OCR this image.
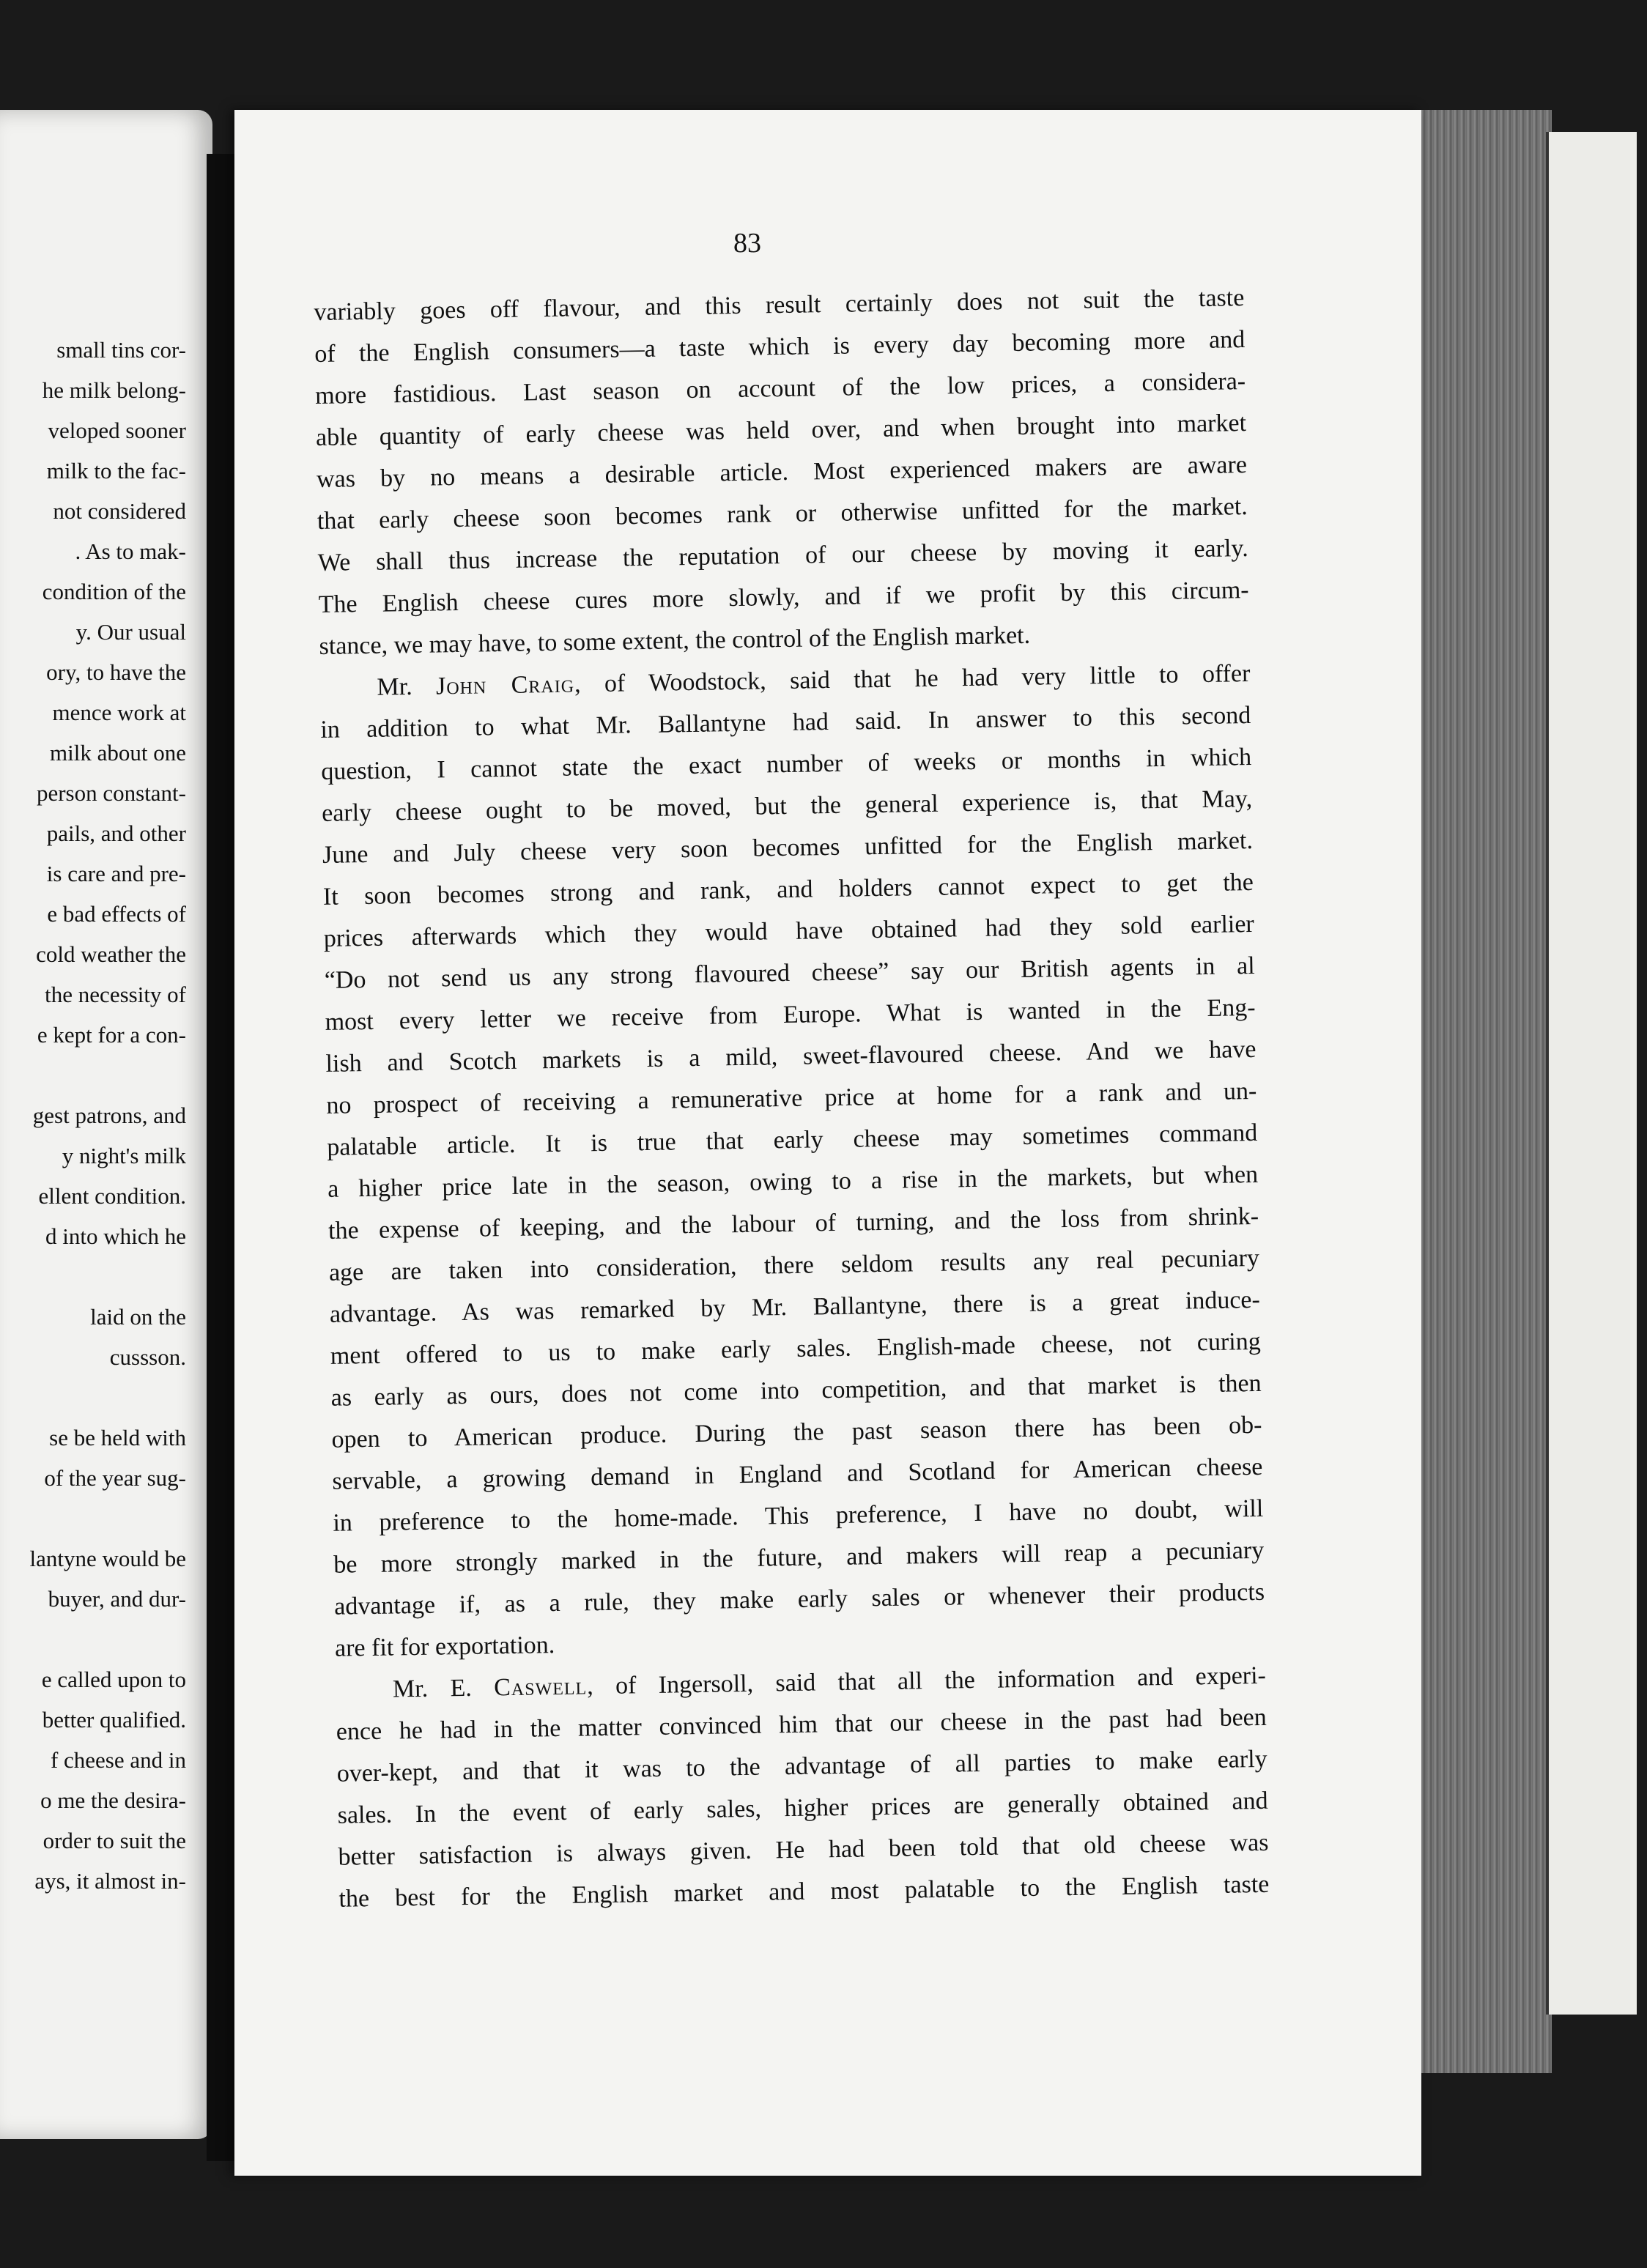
small tins cor-
he milk belong-
veloped sooner
milk to the fac-
not considered
. As to mak-
condition of the
y. Our usual
ory, to have the
mence work at
milk about one
person constant-
pails, and other
is care and pre-
e bad effects of
cold weather the
the necessity of
e kept for a con-
gest patrons, and
y night's milk
ellent condition.
d into which he
laid on the
cussson.
se be held with
of the year sug-
lantyne would be
buyer, and dur-
e called upon to
better qualified.
f cheese and in
o me the desira-
order to suit the
ays, it almost in-
83
variably goes off flavour, and this result certainly does not suit the taste
of the English consumers—a taste which is every day becoming more and
more fastidious. Last season on account of the low prices, a considera-
able quantity of early cheese was held over, and when brought into market
was by no means a desirable article. Most experienced makers are aware
that early cheese soon becomes rank or otherwise unfitted for the market.
We shall thus increase the reputation of our cheese by moving it early.
The English cheese cures more slowly, and if we profit by this circum-
stance, we may have, to some extent, the control of the English market.
Mr. John Craig, of Woodstock, said that he had very little to offer
in addition to what Mr. Ballantyne had said. In answer to this second
question, I cannot state the exact number of weeks or months in which
early cheese ought to be moved, but the general experience is, that May,
June and July cheese very soon becomes unfitted for the English market.
It soon becomes strong and rank, and holders cannot expect to get the
prices afterwards which they would have obtained had they sold earlier
“Do not send us any strong flavoured cheese” say our British agents in al
most every letter we receive from Europe. What is wanted in the Eng-
lish and Scotch markets is a mild, sweet-flavoured cheese. And we have
no prospect of receiving a remunerative price at home for a rank and un-
palatable article. It is true that early cheese may sometimes command
a higher price late in the season, owing to a rise in the markets, but when
the expense of keeping, and the labour of turning, and the loss from shrink-
age are taken into consideration, there seldom results any real pecuniary
advantage. As was remarked by Mr. Ballantyne, there is a great induce-
ment offered to us to make early sales. English-made cheese, not curing
as early as ours, does not come into competition, and that market is then
open to American produce. During the past season there has been ob-
servable, a growing demand in England and Scotland for American cheese
in preference to the home-made. This preference, I have no doubt, will
be more strongly marked in the future, and makers will reap a pecuniary
advantage if, as a rule, they make early sales or whenever their products
are fit for exportation.
Mr. E. Caswell, of Ingersoll, said that all the information and experi-
ence he had in the matter convinced him that our cheese in the past had been
over-kept, and that it was to the advantage of all parties to make early
sales. In the event of early sales, higher prices are generally obtained and
better satisfaction is always given. He had been told that old cheese was
the best for the English market and most palatable to the English taste
